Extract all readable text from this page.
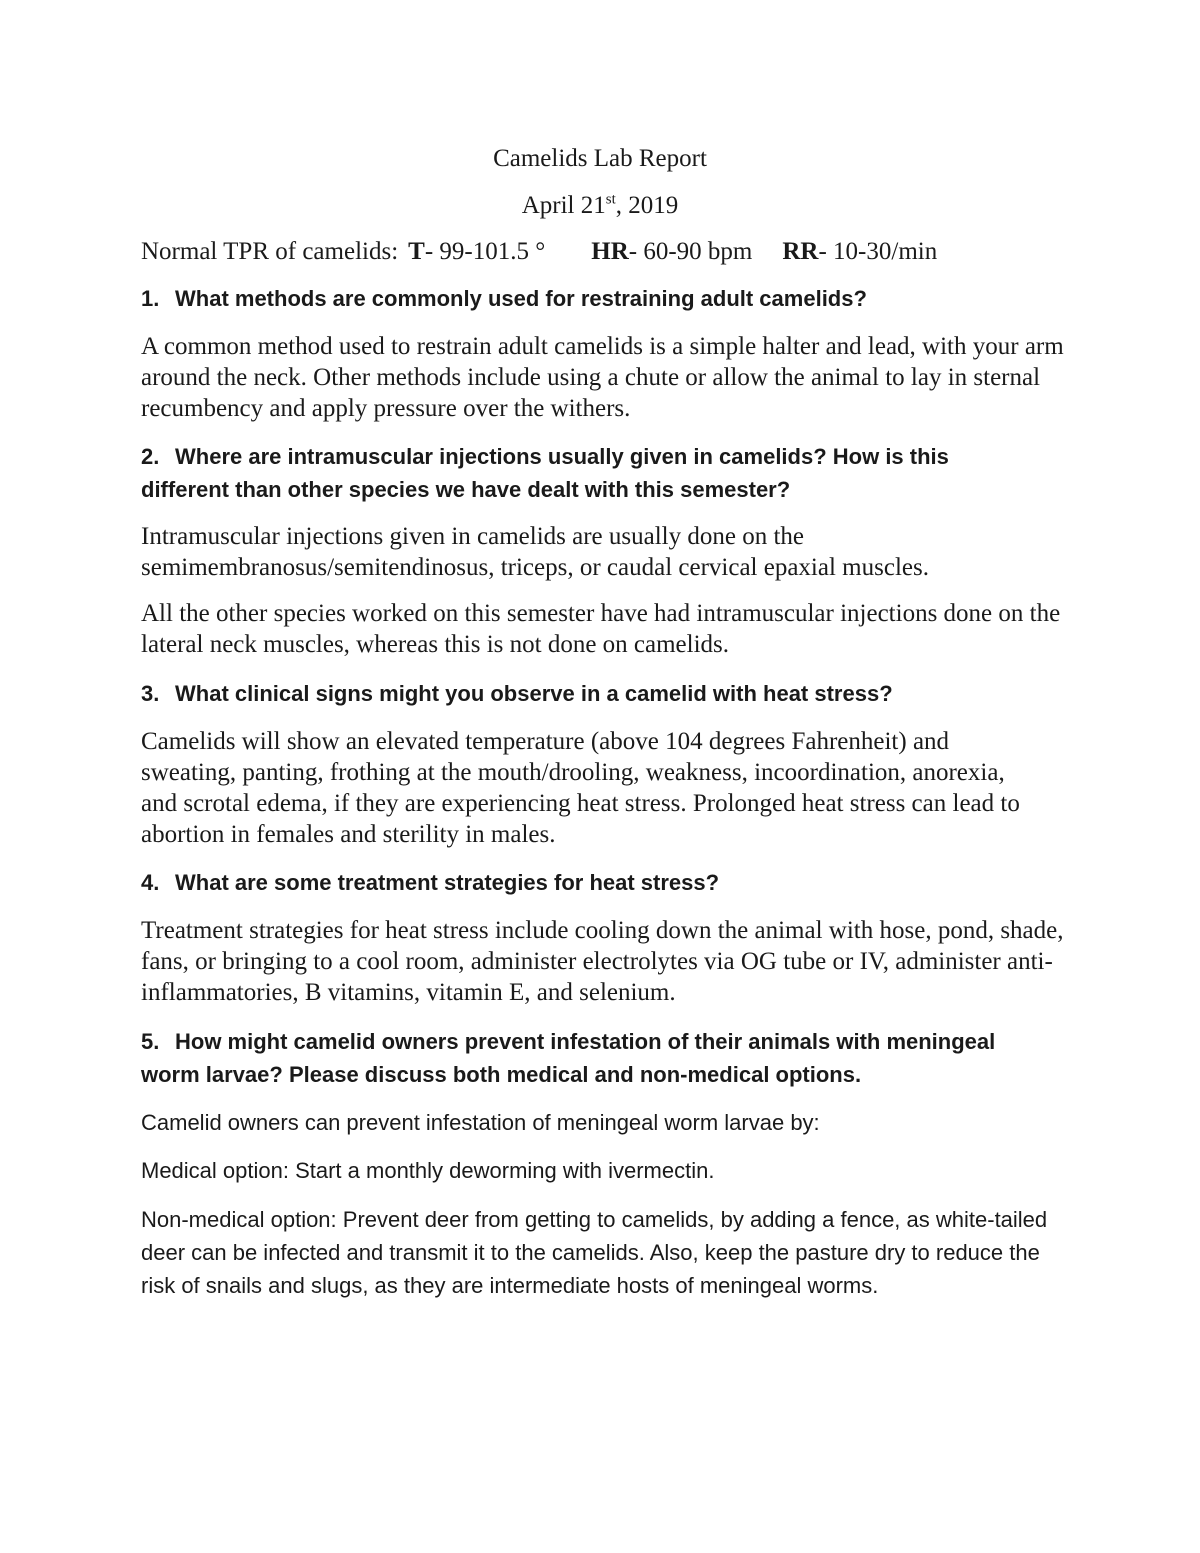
Camelids Lab Report

April 21st, 2019

Normal TPR of camelids: T- 99-101.5 ° HR- 60-90 bpm RR- 10-30/min

1. What methods are commonly used for restraining adult camelids?

A common method used to restrain adult camelids is a simple halter and lead, with your arm around the neck. Other methods include using a chute or allow the animal to lay in sternal recumbency and apply pressure over the withers.

2. Where are intramuscular injections usually given in camelids? How is this different than other species we have dealt with this semester?

Intramuscular injections given in camelids are usually done on the semimembranosus/semitendinosus, triceps, or caudal cervical epaxial muscles.

All the other species worked on this semester have had intramuscular injections done on the lateral neck muscles, whereas this is not done on camelids.

3. What clinical signs might you observe in a camelid with heat stress?

Camelids will show an elevated temperature (above 104 degrees Fahrenheit) and sweating, panting, frothing at the mouth/drooling, weakness, incoordination, anorexia, and scrotal edema, if they are experiencing heat stress. Prolonged heat stress can lead to abortion in females and sterility in males.

4. What are some treatment strategies for heat stress?

Treatment strategies for heat stress include cooling down the animal with hose, pond, shade, fans, or bringing to a cool room, administer electrolytes via OG tube or IV, administer anti-inflammatories, B vitamins, vitamin E, and selenium.

5. How might camelid owners prevent infestation of their animals with meningeal worm larvae? Please discuss both medical and non-medical options.

Camelid owners can prevent infestation of meningeal worm larvae by:

Medical option: Start a monthly deworming with ivermectin.

Non-medical option: Prevent deer from getting to camelids, by adding a fence, as white-tailed deer can be infected and transmit it to the camelids. Also, keep the pasture dry to reduce the risk of snails and slugs, as they are intermediate hosts of meningeal worms.
